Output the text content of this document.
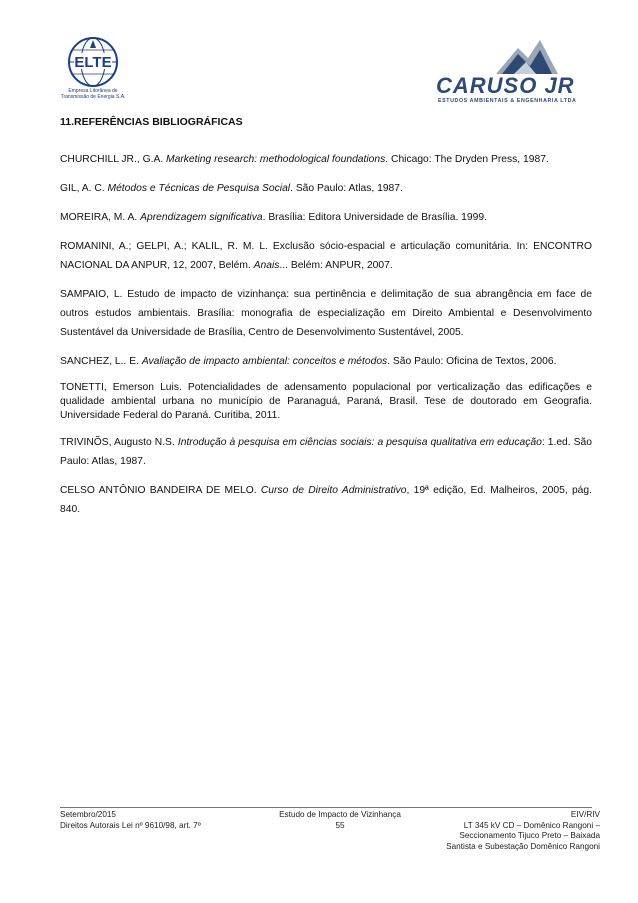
ELTE
Empresa Litorânea de
Transmissão de Energia S.A.	CARUSO JR
ESTUDOS AMBIENTAIS & ENGENHARIA LTDA
11.REFERÊNCIAS BIBLIOGRÁFICAS

CHURCHILL JR., G.A. Marketing research: methodological foundations. Chicago: The Dryden Press, 1987.

GIL, A. C. Métodos e Técnicas de Pesquisa Social. São Paulo: Atlas, 1987.

MOREIRA, M. A. Aprendizagem significativa. Brasília: Editora Universidade de Brasília. 1999.

ROMANINI, A.; GELPI, A.; KALIL, R. M. L. Exclusão sócio-espacial e articulação comunitária. In: ENCONTRO NACIONAL DA ANPUR, 12, 2007, Belém. Anais... Belém: ANPUR, 2007.

SAMPAIO, L. Estudo de impacto de vizinhança: sua pertinência e delimitação de sua abrangência em face de outros estudos ambientais. Brasília: monografia de especialização em Direito Ambiental e Desenvolvimento Sustentável da Universidade de Brasília, Centro de Desenvolvimento Sustentável, 2005.

SANCHEZ, L.. E. Avaliação de impacto ambiental: conceitos e métodos. São Paulo: Oficina de Textos, 2006.

TONETTI, Emerson Luis. Potencialidades de adensamento populacional por verticalização das edificações e qualidade ambiental urbana no município de Paranaguá, Paraná, Brasil. Tese de doutorado em Geografia. Universidade Federal do Paraná. Curitiba, 2011.

TRIVINÕS, Augusto N.S. Introdução à pesquisa em ciências sociais: a pesquisa qualitativa em educação: 1.ed. São Paulo: Atlas, 1987.

CELSO ANTÔNIO BANDEIRA DE MELO. Curso de Direito Administrativo, 19ª edição, Ed. Malheiros, 2005, pág. 840.

Setembro/2015
Direitos Autorais Lei nº 9610/98, art. 7º
Estudo de Impacto de Vizinhança
55
EIV/RIV
LT 345 kV CD – Domênico Rangoni –
Seccionamento Tijuco Preto – Baixada
Santista e Subestação Domênico Rangoni
